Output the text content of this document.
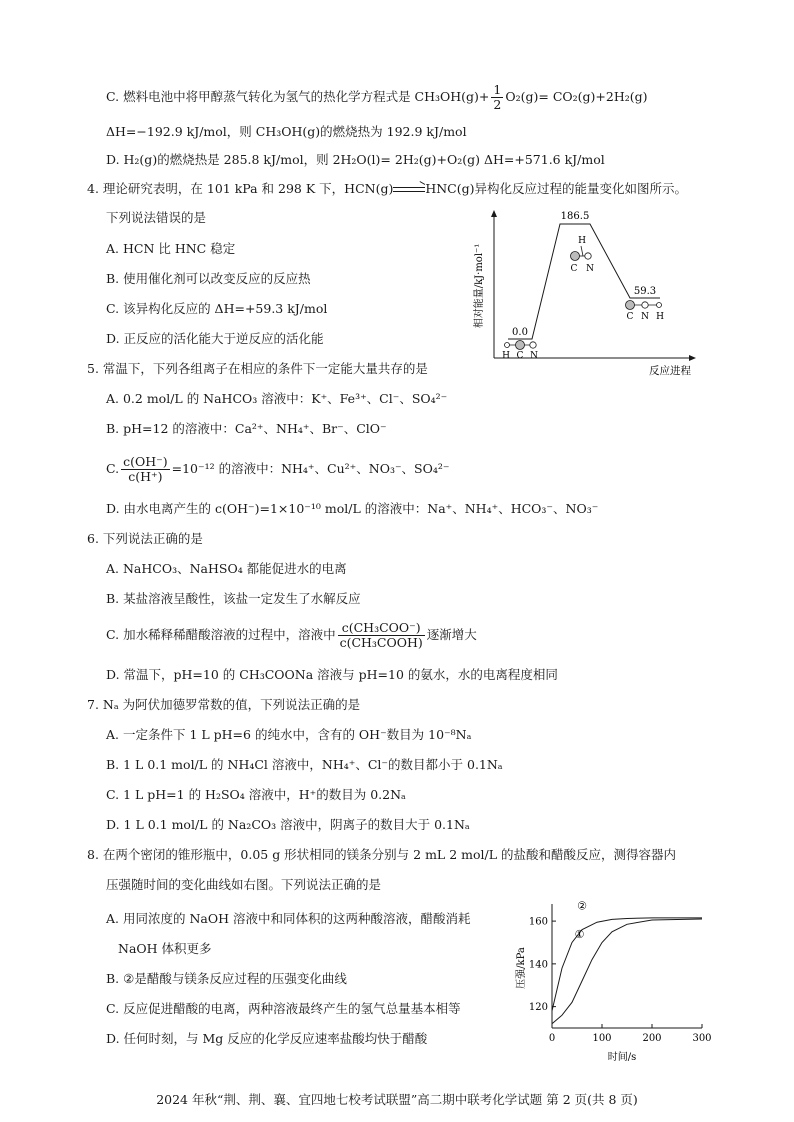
C. 燃料电池中将甲醇蒸气转化为氢气的热化学方程式是 $CH_3OH(g)+ \frac{1}{2} O_2(g)= CO_2(g)+2H_2(g)$
ΔH=−192.9 kJ/mol，则 CH₃OH(g)的燃烧热为 192.9 kJ/mol
D. H₂(g)的燃烧热是 285.8 kJ/mol，则 2H₂O(l)= 2H₂(g)+O₂(g) ΔH=+571.6 kJ/mol
4. 理论研究表明，在 101 kPa 和 298 K 下，HCN(g)→HNC(g)异构化反应过程的能量变化如图所示。
下列说法错误的是
A. HCN 比 HNC 稳定
B. 使用催化剂可以改变反应的反应热
C. 该异构化反应的 ΔH=+59.3 kJ/mol
D. 正反应的活化能大于逆反应的活化能
相对能量/kJ·mol⁻¹
反应进程
0.0
186.5
59.3
H C N
H
C N
C N H
5. 常温下，下列各组离子在相应的条件下一定能大量共存的是
A. 0.2 mol/L 的 NaHCO₃ 溶液中：K⁺、Fe³⁺、Cl⁻、SO₄²⁻
B. pH=12 的溶液中：Ca²⁺、NH₄⁺、Br⁻、ClO⁻
C. $\frac{c(OH^-)}{c(H^+)} =10^{-12}$ 的溶液中：NH₄⁺、Cu²⁺、NO₃⁻、SO₄²⁻
D. 由水电离产生的 c(OH⁻)=1×10⁻¹⁰ mol/L 的溶液中：Na⁺、NH₄⁺、HCO₃⁻、NO₃⁻
6. 下列说法正确的是
A. NaHCO₃、NaHSO₄ 都能促进水的电离
B. 某盐溶液呈酸性，该盐一定发生了水解反应
C. 加水稀释稀醋酸溶液的过程中，溶液中 $\frac{\text{c(CH₃COO⁻)}}{\text{c(CH₃COOH)}}$ 逐渐增大
D. 常温下，pH=10 的 CH₃COONa 溶液与 pH=10 的氨水，水的电离程度相同
7. Nₐ 为阿伏加德罗常数的值，下列说法正确的是
A. 一定条件下 1 L pH=6 的纯水中，含有的 OH⁻数目为 10⁻⁸Nₐ
B. 1 L 0.1 mol/L 的 NH₄Cl 溶液中，NH₄⁺、Cl⁻的数目都小于 0.1Nₐ
C. 1 L pH=1 的 H₂SO₄ 溶液中，H⁺的数目为 0.2Nₐ
D. 1 L 0.1 mol/L 的 Na₂CO₃ 溶液中，阴离子的数目大于 0.1Nₐ
8. 在两个密闭的锥形瓶中，0.05 g 形状相同的镁条分别与 2 mL 2 mol/L 的盐酸和醋酸反应，测得容器内
压强随时间的变化曲线如右图。下列说法正确的是
A. 用同浓度的 NaOH 溶液中和同体积的这两种酸溶液，醋酸消耗
NaOH 体积更多
B. ②是醋酸与镁条反应过程的压强变化曲线
C. 反应促进醋酸的电离，两种溶液最终产生的氢气总量基本相等
D. 任何时刻，与 Mg 反应的化学反应速率盐酸均快于醋酸
压强/kPa
时间/s
120
140
160
0	100	200	300
②
①
2024 年秋“荆、荆、襄、宜四地七校考试联盟”高二期中联考化学试题 第 2 页(共 8 页)
